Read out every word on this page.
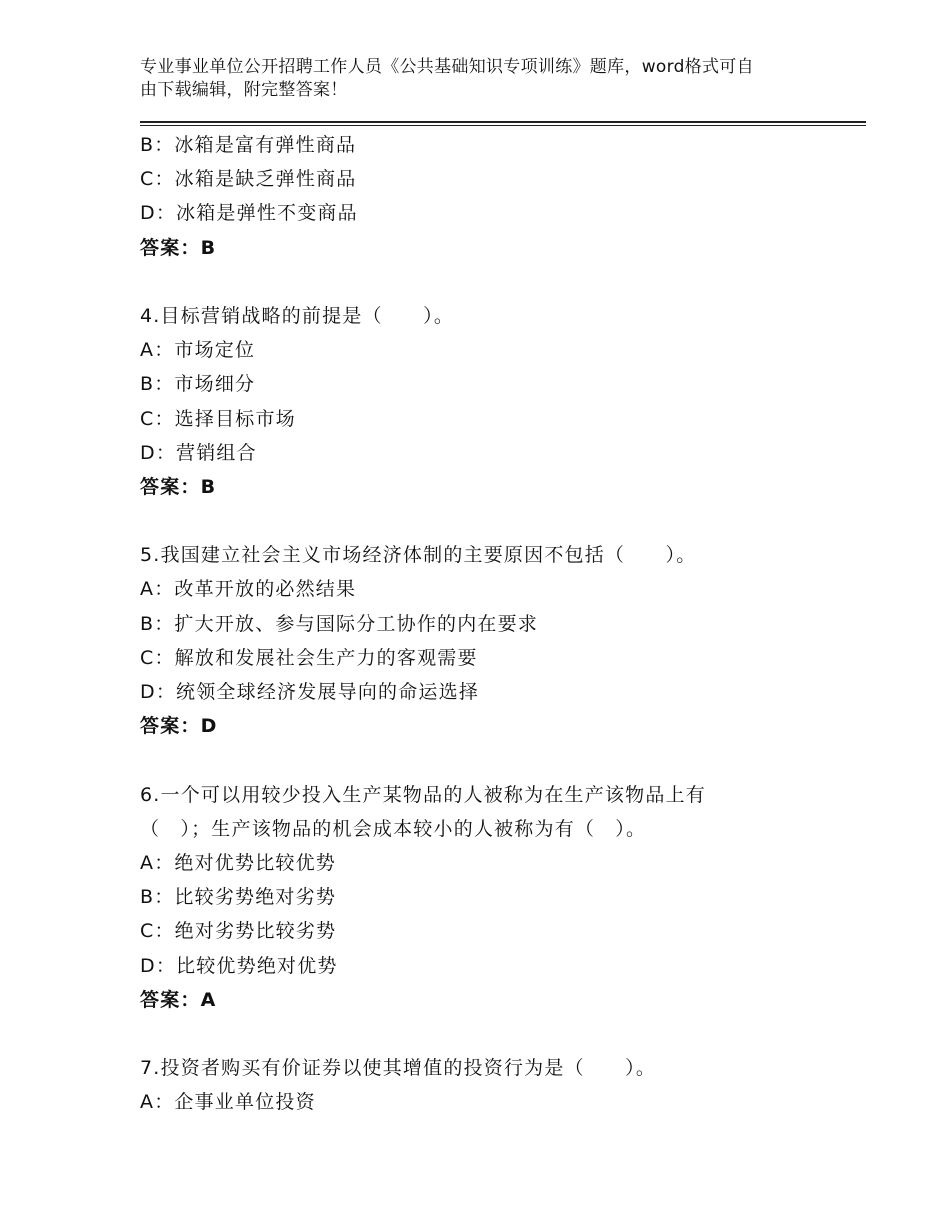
专业事业单位公开招聘工作人员《公共基础知识专项训练》题库，word格式可自
由下载编辑，附完整答案！
B：冰箱是富有弹性商品
C：冰箱是缺乏弹性商品
D：冰箱是弹性不变商品
答案：B
4.目标营销战略的前提是（　　）。
A：市场定位
B：市场细分
C：选择目标市场
D：营销组合
答案：B
5.我国建立社会主义市场经济体制的主要原因不包括（　　）。
A：改革开放的必然结果
B：扩大开放、参与国际分工协作的内在要求
C：解放和发展社会生产力的客观需要
D：统领全球经济发展导向的命运选择
答案：D
6.一个可以用较少投入生产某物品的人被称为在生产该物品上有
（　）；生产该物品的机会成本较小的人被称为有（　）。
A：绝对优势比较优势
B：比较劣势绝对劣势
C：绝对劣势比较劣势
D：比较优势绝对优势
答案：A
7.投资者购买有价证券以使其增值的投资行为是（　　）。
A：企事业单位投资
